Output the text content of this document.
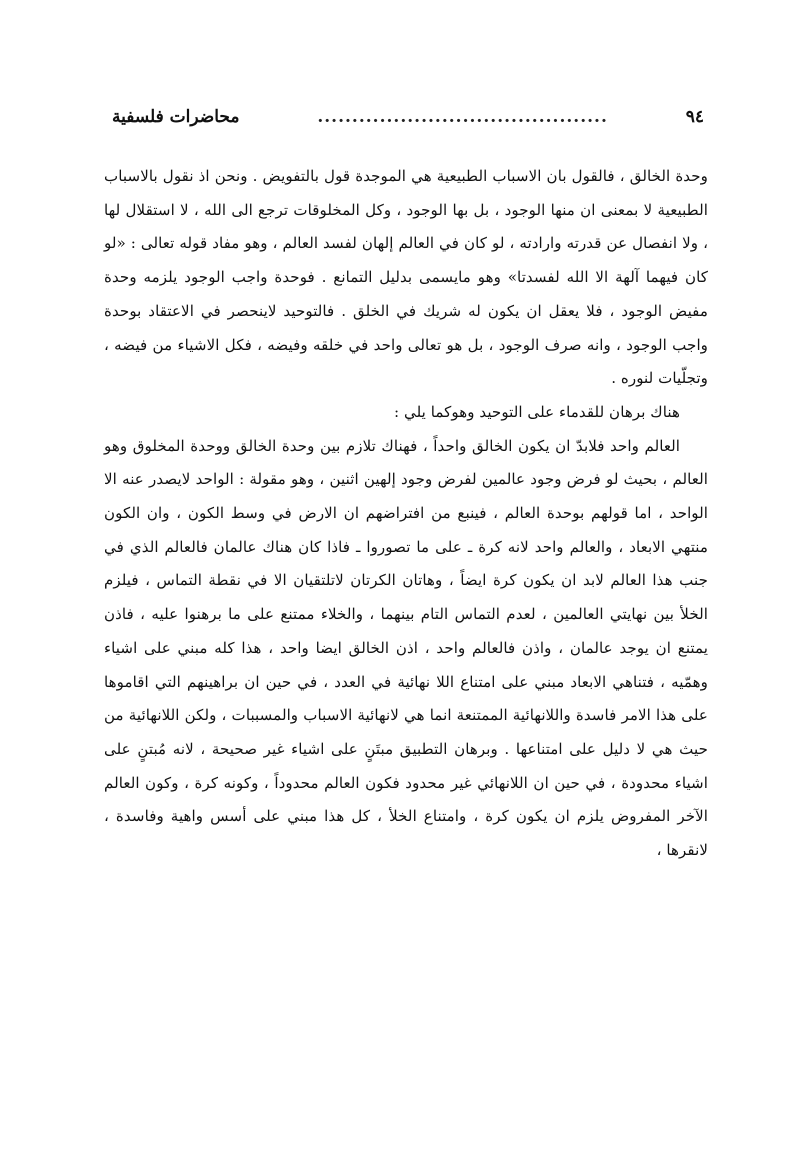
٩٤
..........................................
محاضرات فلسفية

وحدة الخالق ، فالقول بان الاسباب الطبيعية هي الموجدة قول بالتفويض . ونحن اذ نقول بالاسباب الطبيعية لا بمعنى ان منها الوجود ، بل بها الوجود ، وكل المخلوقات ترجع الى الله ، لا استقلال لها ، ولا انفصال عن قدرته وارادته ، لو كان في العالم إلهان لفسد العالم ، وهو مفاد قوله تعالى : «لو كان فيهما آلهة الا الله لفسدتا» وهو مايسمى بدليل التمانع . فوحدة واجب الوجود يلزمه وحدة مفيض الوجود ، فلا يعقل ان يكون له شريك في الخلق . فالتوحيد لاينحصر في الاعتقاد بوحدة واجب الوجود ، وانه صرف الوجود ، بل هو تعالى واحد في خلقه وفيضه ، فكل الاشياء من فيضه ، وتجلّيات لنوره .

هناك برهان للقدماء على التوحيد وهوكما يلي :

العالم واحد فلابدّ ان يكون الخالق واحداً ، فهناك تلازم بين وحدة الخالق ووحدة المخلوق وهو العالم ، بحيث لو فرض وجود عالمين لفرض وجود إلهين اثنين ، وهو مقولة : الواحد لايصدر عنه الا الواحد ، اما قولهم بوحدة العالم ، فينبع من افتراضهم ان الارض في وسط الكون ، وان الكون منتهي الابعاد ، والعالم واحد لانه كرة ـ على ما تصوروا ـ فاذا كان هناك عالمان فالعالم الذي في جنب هذا العالم لابد ان يكون كرة ايضاً ، وهاتان الكرتان لاتلتقيان الا في نقطة التماس ، فيلزم الخلأ بين نهايتي العالمين ، لعدم التماس التام بينهما ، والخلاء ممتنع على ما برهنوا عليه ، فاذن يمتنع ان يوجد عالمان ، واذن فالعالم واحد ، اذن الخالق ايضا واحد ، هذا كله مبني على اشياء وهمّيه ، فتناهي الابعاد مبني على امتناع اللا نهائية في العدد ، في حين ان براهينهم التي اقاموها على هذا الامر فاسدة واللانهائية الممتنعة انما هي لانهائية الاسباب والمسببات ، ولكن اللانهائية من حيث هي لا دليل على امتناعها . وبرهان التطبيق مبتَنٍ على اشياء غير صحيحة ، لانه مُبتنٍ على اشياء محدودة ، في حين ان اللانهائي غير محدود فكون العالم محدوداً ، وكونه كرة ، وكون العالم الآخر المفروض يلزم ان يكون كرة ، وامتناع الخلأ ، كل هذا مبني على أسس واهية وفاسدة ، لانقرها ،
